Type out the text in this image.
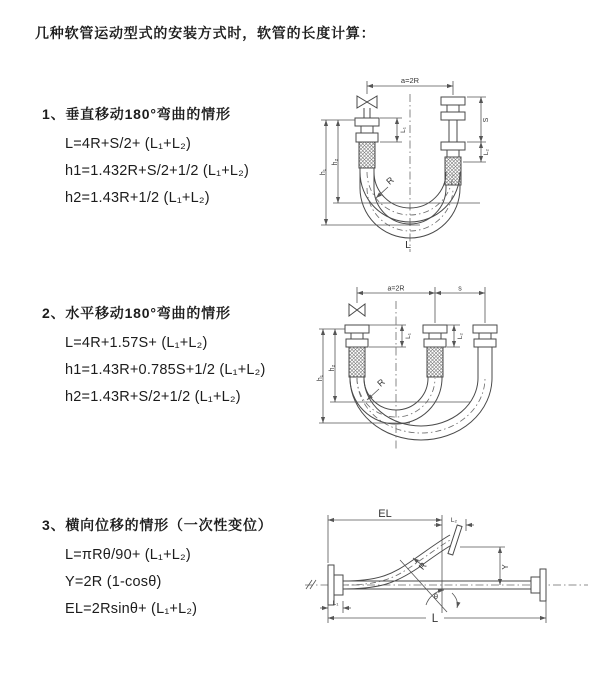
几种软管运动型式的安装方式时，软管的长度计算：
1、垂直移动180°弯曲的情形
L=4R+S/2+ (L₁+L₂)
h1=1.432R+S/2+1/2 (L₁+L₂)
h2=1.43R+1/2 (L₁+L₂)
2、水平移动180°弯曲的情形
L=4R+1.57S+ (L₁+L₂)
h1=1.43R+0.785S+1/2 (L₁+L₂)
h2=1.43R+S/2+1/2 (L₁+L₂)
3、横向位移的情形（一次性变位）
L=πRθ/90+ (L₁+L₂)
Y=2R (1-cosθ)
EL=2Rsinθ+ (L₁+L₂)
a=2R
S
L₂
L₁
h₁
h₂
R
L
a=2R	s
L₁	L₂
h₁
h₂
R
EL
L₂
Y
L
L₁
R
θ
